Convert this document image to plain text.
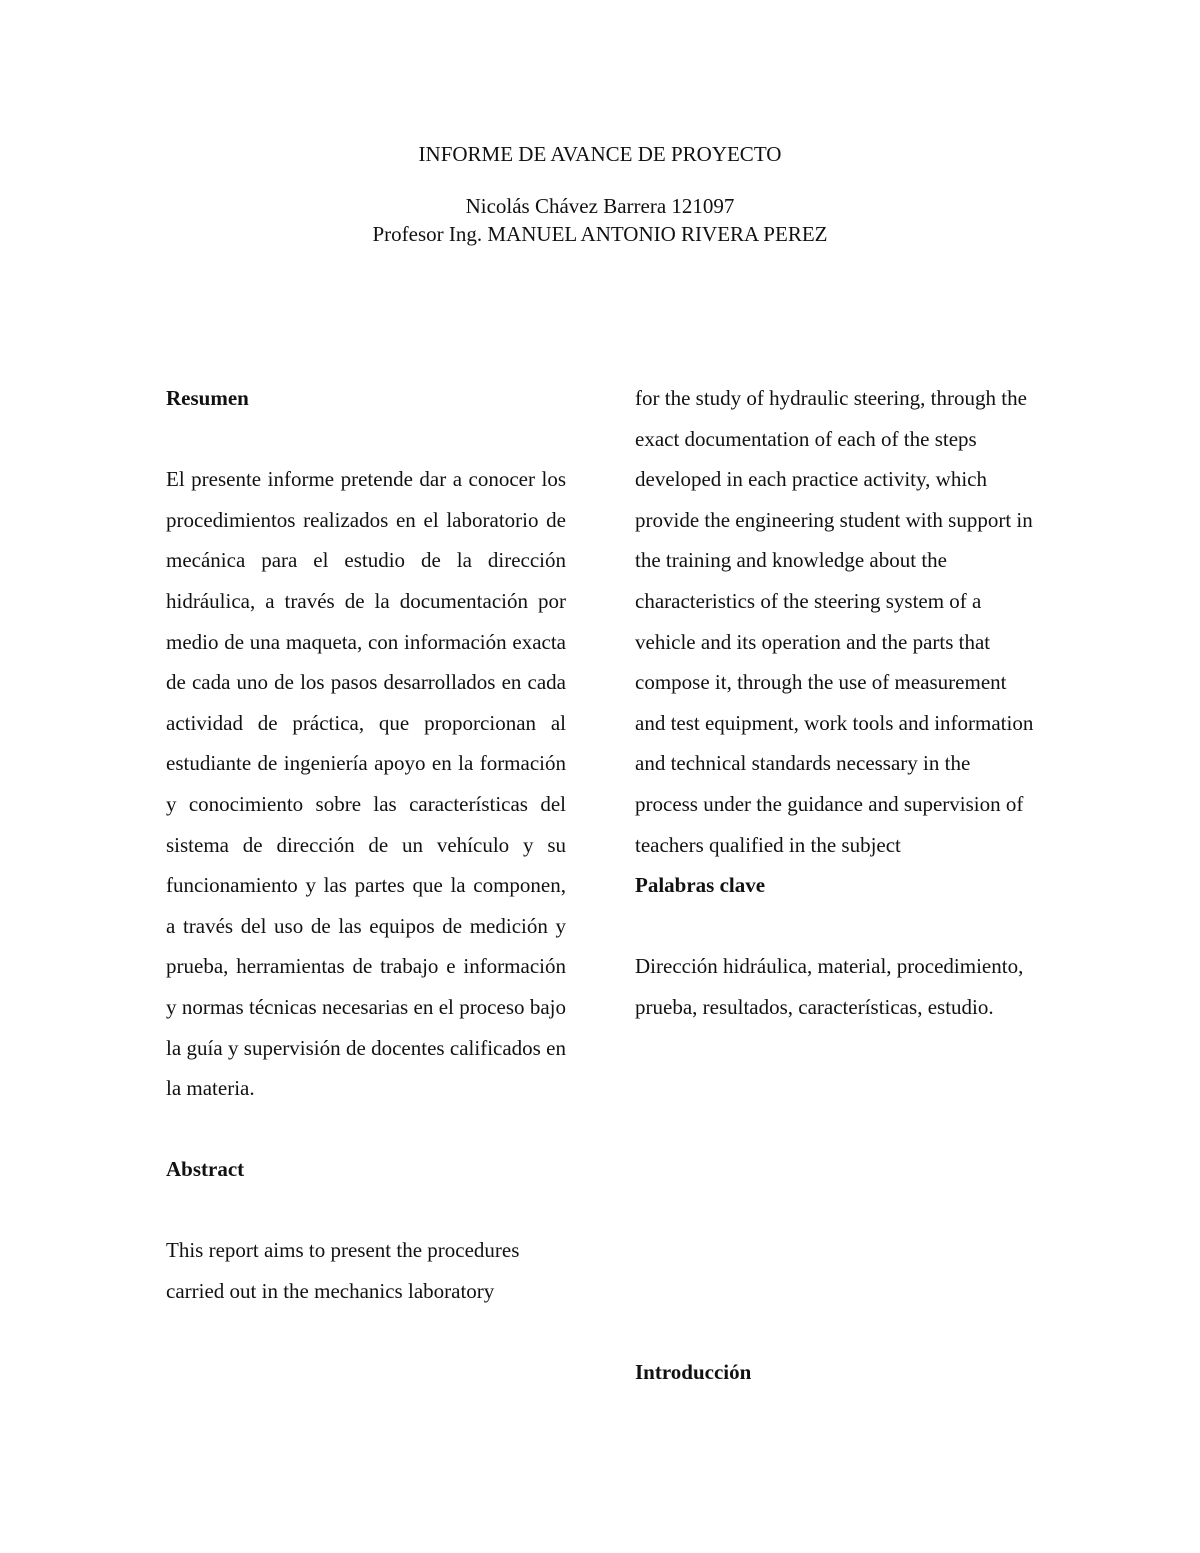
INFORME DE AVANCE DE PROYECTO
Nicolás Chávez Barrera 121097
Profesor Ing. MANUEL ANTONIO RIVERA PEREZ
Resumen

El presente informe pretende dar a conocer los procedimientos realizados en el laboratorio de mecánica para el estudio de la dirección hidráulica, a través de la documentación por medio de una maqueta, con información exacta de cada uno de los pasos desarrollados en cada actividad de práctica, que proporcionan al estudiante de ingeniería apoyo en la formación y conocimiento sobre las características del sistema de dirección de un vehículo y su funcionamiento y las partes que la componen, a través del uso de las equipos de medición y prueba, herramientas de trabajo e información y normas técnicas necesarias en el proceso bajo la guía y supervisión de docentes calificados en la materia.

Abstract

This report aims to present the procedures carried out in the mechanics laboratory

for the study of hydraulic steering, through the exact documentation of each of the steps developed in each practice activity, which provide the engineering student with support in the training and knowledge about the characteristics of the steering system of a vehicle and its operation and the parts that compose it, through the use of measurement and test equipment, work tools and information and technical standards necessary in the process under the guidance and supervision of teachers qualified in the subject

Palabras clave

Dirección hidráulica, material, procedimiento, prueba, resultados, características, estudio.

Introducción
